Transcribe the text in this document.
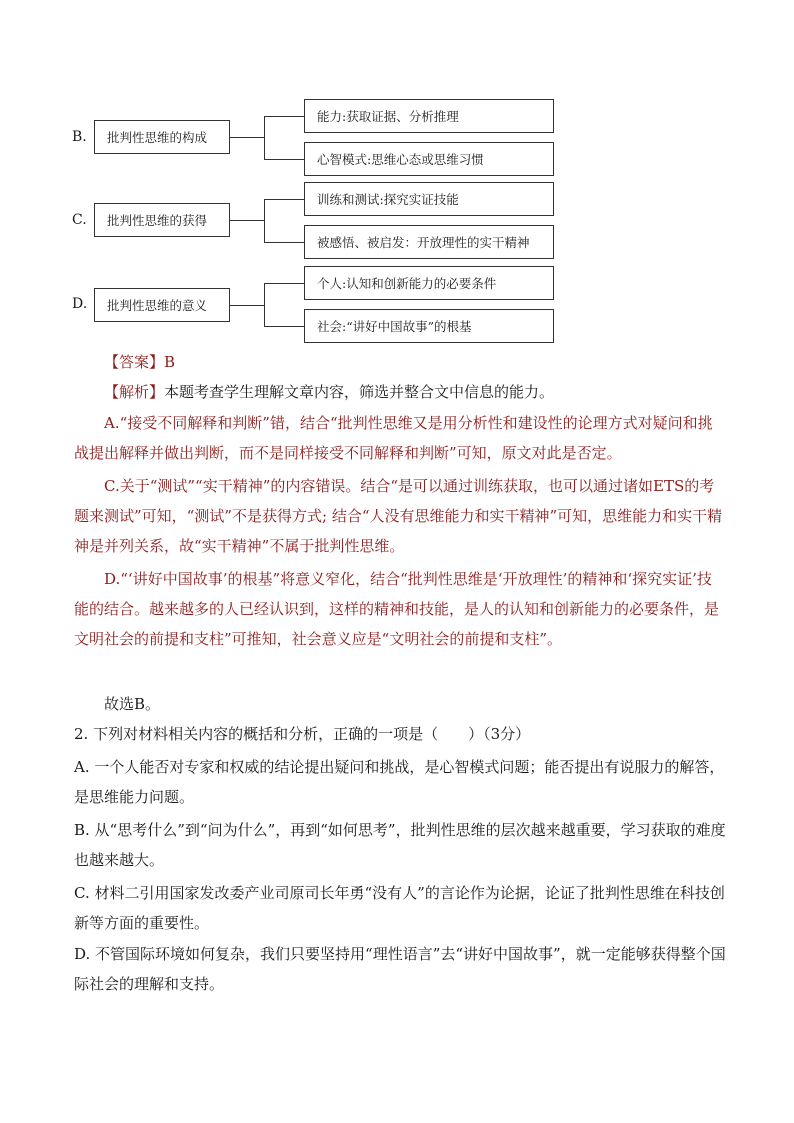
B.	批判性思维的构成
能力:获取证据、分析推理
心智模式:思维心态或思维习惯
C.	批判性思维的获得
训练和测试:探究实证技能
被感悟、被启发：开放理性的实干精神
D.	批判性思维的意义
个人:认知和创新能力的必要条件
社会:“讲好中国故事”的根基
【答案】B
【解析】本题考查学生理解文章内容，筛选并整合文中信息的能力。
A.“接受不同解释和判断”错，结合“批判性思维又是用分析性和建设性的论理方式对疑问和挑战提出解释并做出判断，而不是同样接受不同解释和判断”可知，原文对此是否定。
C.关于“测试”“实干精神”的内容错误。结合“是可以通过训练获取，也可以通过诸如ETS的考题来测试”可知，“测试”不是获得方式; 结合“人没有思维能力和实干精神”可知，思维能力和实干精神是并列关系，故“实干精神”不属于批判性思维。
D.“‘讲好中国故事’的根基”将意义窄化，结合“批判性思维是‘开放理性’的精神和‘探究实证’技能的结合。越来越多的人已经认识到，这样的精神和技能，是人的认知和创新能力的必要条件，是文明社会的前提和支柱”可推知，社会意义应是“文明社会的前提和支柱”。
故选B。
2. 下列对材料相关内容的概括和分析，正确的一项是（　　）（3分）
A. 一个人能否对专家和权威的结论提出疑问和挑战，是心智模式问题；能否提出有说服力的解答，是思维能力问题。
B. 从“思考什么”到“问为什么”，再到“如何思考”，批判性思维的层次越来越重要，学习获取的难度也越来越大。
C. 材料二引用国家发改委产业司原司长年勇“没有人”的言论作为论据，论证了批判性思维在科技创新等方面的重要性。
D. 不管国际环境如何复杂，我们只要坚持用“理性语言”去“讲好中国故事”，就一定能够获得整个国际社会的理解和支持。
